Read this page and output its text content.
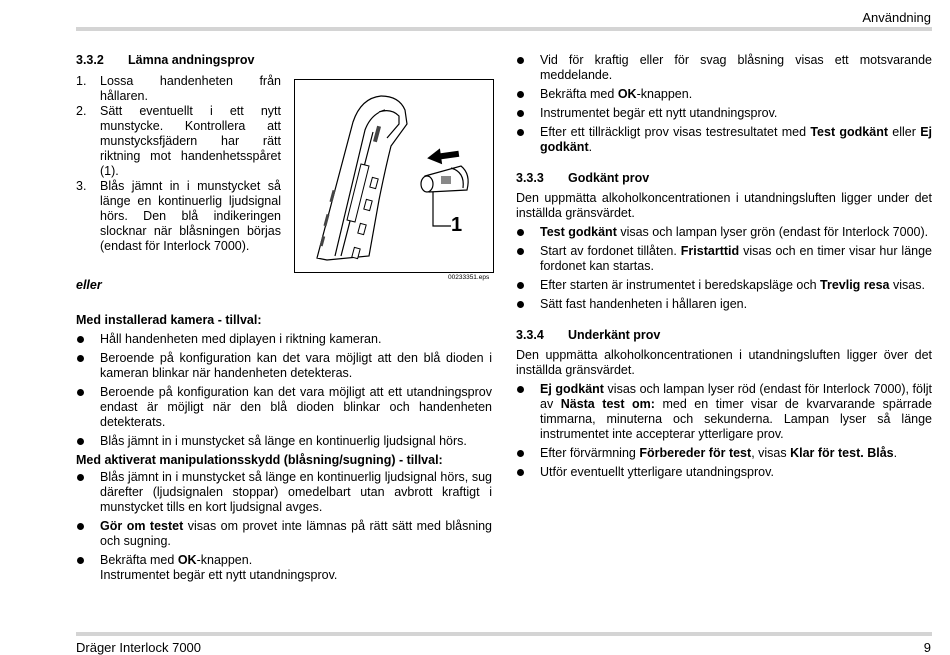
Användning
3.3.2	Lämna andningsprov
1.	Lossa handenheten från hållaren.
2.	Sätt eventuellt i ett nytt munstycke. Kontrollera att munstycksfjädern har rätt riktning mot handenhetsspåret (1).
3.	Blås jämnt in i munstycket så länge en kontinuerlig ljudsignal hörs. Den blå indikeringen slocknar när blåsningen börjas (endast för Interlock 7000).
1
00233351.eps
eller

Med installerad kamera - tillval:

Håll handenheten med diplayen i riktning kameran.
Beroende på konfiguration kan det vara möjligt att den blå dioden i kameran blinkar när handenheten detekteras.
Beroende på konfiguration kan det vara möjligt att ett utandningsprov endast är möjligt när den blå dioden blinkar och handenheten detekterats.
Blås jämnt in i munstycket så länge en kontinuerlig ljudsignal hörs.

Med aktiverat manipulationsskydd (blåsning/sugning) - tillval:

Blås jämnt in i munstycket så länge en kontinuerlig ljudsignal hörs, sug därefter (ljudsignalen stoppar) omedelbart utan avbrott kraftigt i munstycket tills en kort ljudsignal avges.
Gör om testet visas om provet inte lämnas på rätt sätt med blåsning och sugning.
Bekräfta med OK-knappen.
Instrumentet begär ett nytt utandningsprov.
Vid för kraftig eller för svag blåsning visas ett motsvarande meddelande.
Bekräfta med OK-knappen.
Instrumentet begär ett nytt utandningsprov.
Efter ett tillräckligt prov visas testresultatet med Test godkänt eller Ej godkänt.
3.3.3	Godkänt prov
Den uppmätta alkoholkoncentrationen i utandningsluften ligger under det inställda gränsvärdet.
Test godkänt visas och lampan lyser grön (endast för Interlock 7000).
Start av fordonet tillåten. Fristarttid visas och en timer visar hur länge fordonet kan startas.
Efter starten är instrumentet i beredskapsläge och Trevlig resa visas.
Sätt fast handenheten i hållaren igen.
3.3.4	Underkänt prov
Den uppmätta alkoholkoncentrationen i utandningsluften ligger över det inställda gränsvärdet.
Ej godkänt visas och lampan lyser röd (endast för Interlock 7000), följt av Nästa test om: med en timer visar de kvarvarande spärrade timmarna, minuterna och sekunderna. Lampan lyser så länge instrumentet inte accepterar ytterligare prov.
Efter förvärmning Förbereder för test, visas Klar för test. Blås.
Utför eventuellt ytterligare utandningsprov.
Dräger Interlock 7000	9
